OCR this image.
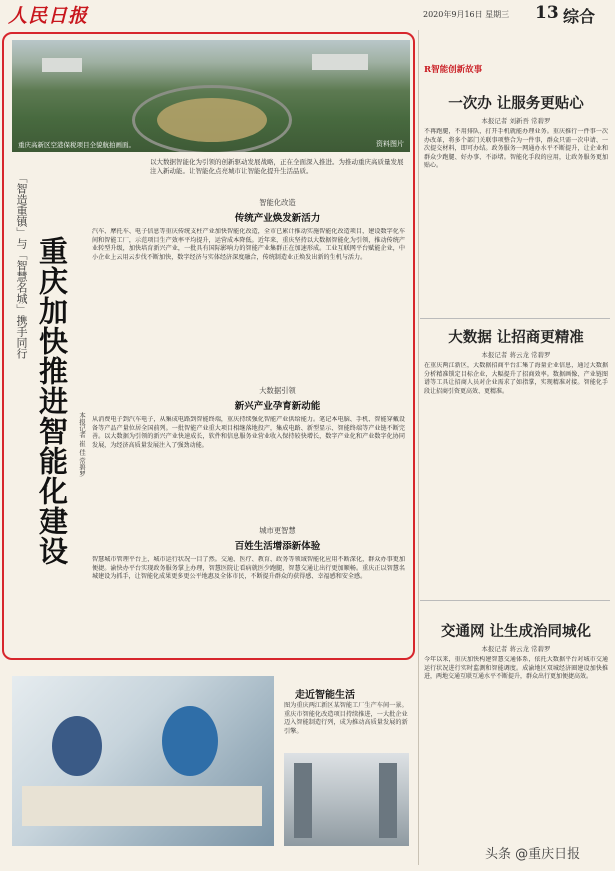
人民日报	2020年9月16日 星期三 13 综合
重庆高新区空港保税项目全貌航拍画面。	资料图片
「智造重镇」与「智慧名城」携手同行 重庆加快推进智能化建设 本报记者 崔 佳 常碧罗
以大数据智能化为引领的创新驱动发展战略，正在全面深入推进。为推动重庆高质量发展注入新动能。让智能化点亮城市让智能化提升生活品质。
智能化改造
传统产业焕发新活力
汽车、摩托车、电子信息等重庆传统支柱产业加快智能化改造，全市已累计推动实施智能化改造项目，建设数字化车间和智能工厂，示范项目生产效率平均提升，运营成本降低。近年来，重庆坚持以大数据智能化为引领，推动传统产业转型升级，加快培育新兴产业，一批具有国际影响力的智能产业集群正在加速形成。工业互联网平台赋能企业，中小企业上云用云步伐不断加快，数字经济与实体经济深度融合，传统制造业正焕发出新的生机与活力。
大数据引领
新兴产业孕育新动能
从消费电子到汽车电子，从集成电路到智能终端，重庆持续强化智能产业供给能力。笔记本电脑、手机、智能穿戴设备等产品产量位居全国前列。一批智能产业重大项目相继落地投产，集成电路、新型显示、智能终端等产业链不断完善。以大数据为引领的新兴产业快速成长，软件和信息服务业营业收入保持较快增长，数字产业化和产业数字化协同发展，为经济高质量发展注入了强劲动能。
城市更智慧
百姓生活增添新体验
智慧城市管理平台上，城市运行状况一目了然。交通、医疗、教育、政务等领域智能化应用不断深化，群众办事更加便捷。渝快办平台实现政务服务掌上办理，智慧医院让看病就医少跑腿，智慧交通让出行更加顺畅。重庆正以智慧名城建设为抓手，让智能化成果更多更公平地惠及全体市民，不断提升群众的获得感、幸福感和安全感。
走近智能生活
图为重庆两江新区某智能工厂生产车间一景。重庆市智能化改造项目持续推进，一大批企业迈入智能制造行列，成为推动高质量发展的新引擎。
R智能创新故事
一次办 让服务更贴心
本报记者 刘新吾 常碧罗
不再跑腿，不用排队，打开手机就能办理业务。重庆推行一件事一次办改革，将多个部门关联事项整合为一件事，群众只需一次申请、一次提交材料，即可办结。政务服务一网通办水平不断提升，让企业和群众少跑腿、好办事、不添堵。智能化手段的应用，让政务服务更加贴心。
大数据 让招商更精准
本报记者 蒋云龙 常碧罗
在重庆两江新区，大数据招商平台汇集了海量企业信息，通过大数据分析精准锁定目标企业，大幅提升了招商效率。数据画像、产业链图谱等工具让招商人员对企业需求了如指掌，实现精准对接。智能化手段让招商引资更高效、更精准。
交通网 让生成治同城化
本报记者 蒋云龙 常碧罗
今年以来，重庆加快构建智慧交通体系，依托大数据平台对城市交通运行状况进行实时监测和智能调度。成渝地区双城经济圈建设加快推进，两地交通互联互通水平不断提升，群众出行更加便捷高效。
头条 @重庆日报
